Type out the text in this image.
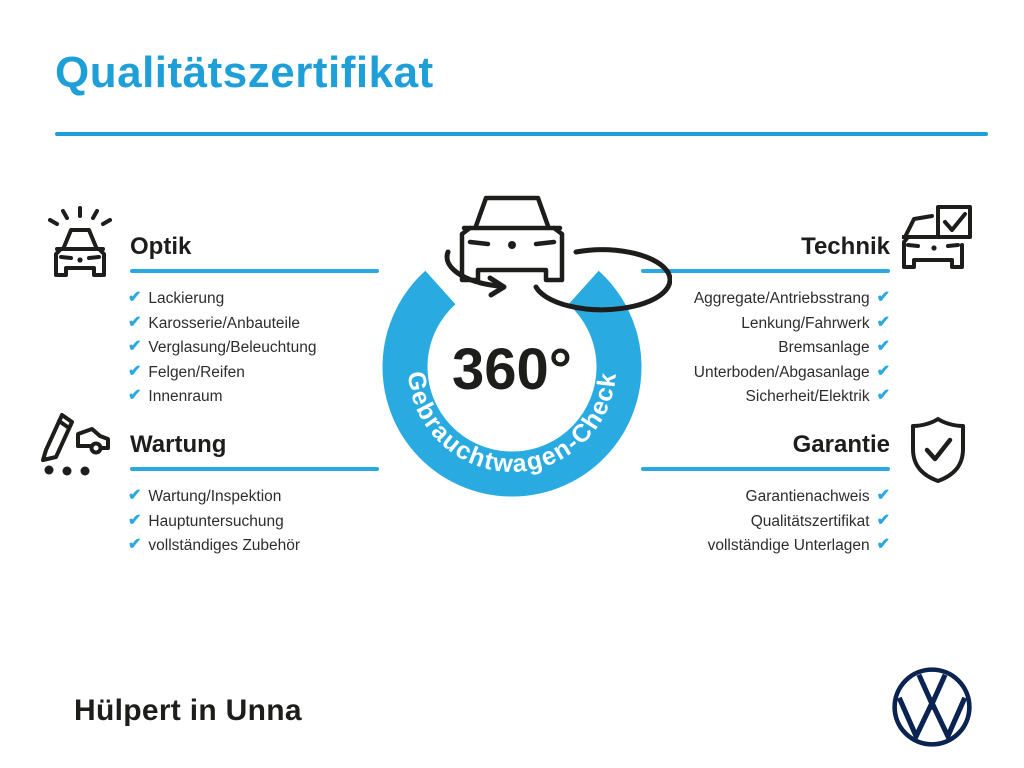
Qualitätszertifikat
Optik
✔ Lackierung
✔ Karosserie/Anbauteile
✔ Verglasung/Beleuchtung
✔ Felgen/Reifen
✔ Innenraum
Wartung
✔ Wartung/Inspektion
✔ Hauptuntersuchung
✔ vollständiges Zubehör
Technik
Aggregate/Antriebsstrang ✔
Lenkung/Fahrwerk ✔
Bremsanlage ✔
Unterboden/Abgasanlage ✔
Sicherheit/Elektrik ✔
Garantie
Garantienachweis ✔
Qualitätszertifikat ✔
vollständige Unterlagen ✔
Gebrauchtwagen-Check
360°
Hülpert in Unna
